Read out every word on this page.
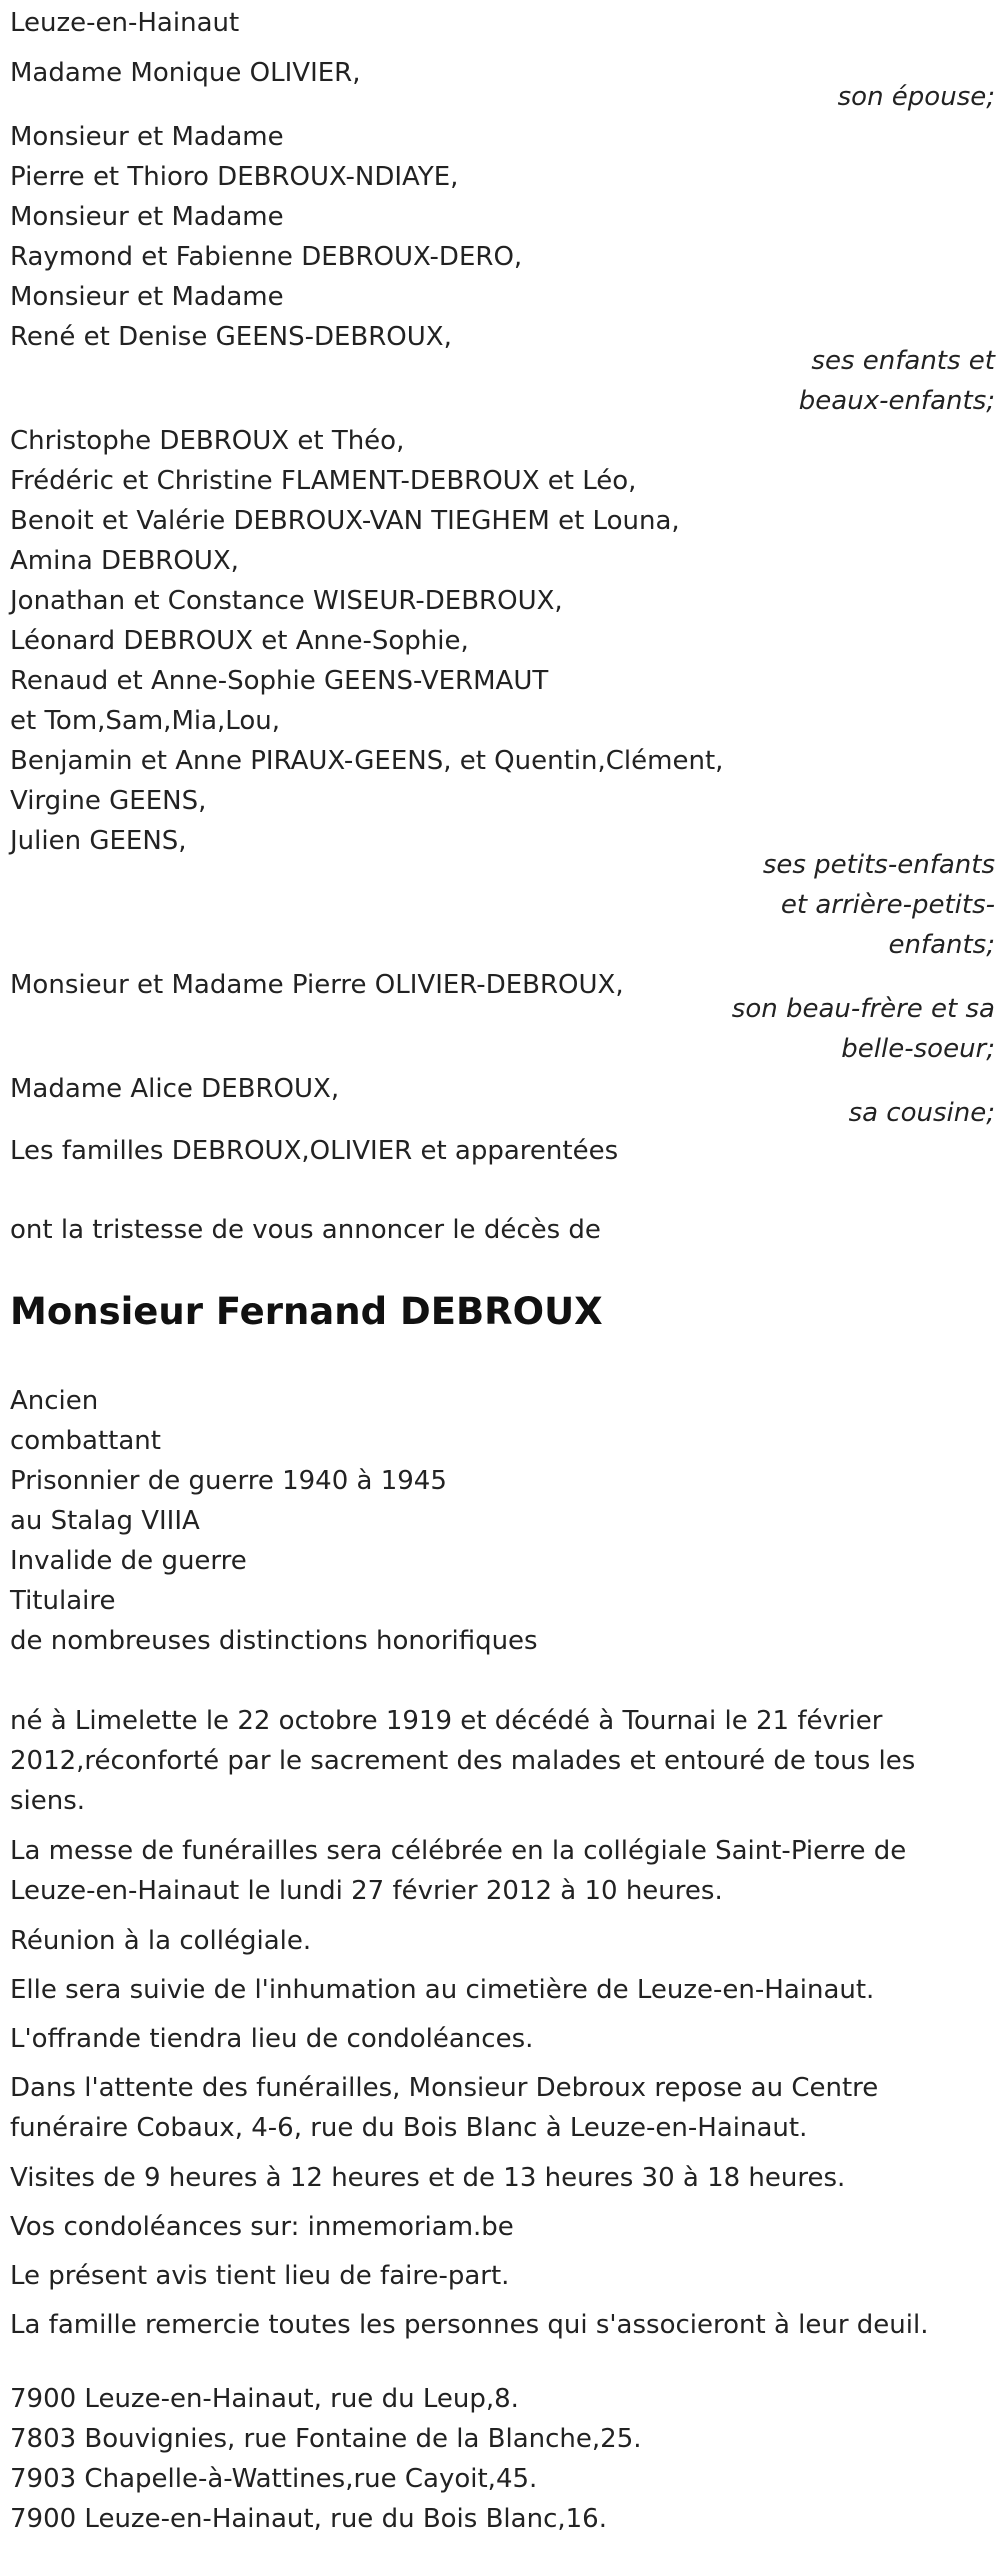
Leuze-en-Hainaut
Madame Monique OLIVIER,
son épouse;
Monsieur et Madame
Pierre et Thioro DEBROUX-NDIAYE,
Monsieur et Madame
Raymond et Fabienne DEBROUX-DERO,
Monsieur et Madame
René et Denise GEENS-DEBROUX,
ses enfants et
beaux-enfants;
Christophe DEBROUX et Théo,
Frédéric et Christine FLAMENT-DEBROUX et Léo,
Benoit et Valérie DEBROUX-VAN TIEGHEM et Louna,
Amina DEBROUX,
Jonathan et Constance WISEUR-DEBROUX,
Léonard DEBROUX et Anne-Sophie,
Renaud et Anne-Sophie GEENS-VERMAUT
et Tom,Sam,Mia,Lou,
Benjamin et Anne PIRAUX-GEENS, et Quentin,Clément,
Virgine GEENS,
Julien GEENS,
ses petits-enfants
et arrière-petits-
enfants;
Monsieur et Madame Pierre OLIVIER-DEBROUX,
son beau-frère et sa
belle-soeur;
Madame Alice DEBROUX,
sa cousine;
Les familles DEBROUX,OLIVIER et apparentées
ont la tristesse de vous annoncer le décès de
Monsieur Fernand DEBROUX
Ancien
combattant
Prisonnier de guerre 1940 à 1945
au Stalag VIIIA
Invalide de guerre
Titulaire
de nombreuses distinctions honorifiques
né à Limelette le 22 octobre 1919 et décédé à Tournai le 21 février
2012,réconforté par le sacrement des malades et entouré de tous les
siens.
La messe de funérailles sera célébrée en la collégiale Saint-Pierre de
Leuze-en-Hainaut le lundi 27 février 2012 à 10 heures.
Réunion à la collégiale.
Elle sera suivie de l'inhumation au cimetière de Leuze-en-Hainaut.
L'offrande tiendra lieu de condoléances.
Dans l'attente des funérailles, Monsieur Debroux repose au Centre
funéraire Cobaux, 4-6, rue du Bois Blanc à Leuze-en-Hainaut.
Visites de 9 heures à 12 heures et de 13 heures 30 à 18 heures.
Vos condoléances sur: inmemoriam.be
Le présent avis tient lieu de faire-part.
La famille remercie toutes les personnes qui s'associeront à leur deuil.
7900 Leuze-en-Hainaut, rue du Leup,8.
7803 Bouvignies, rue Fontaine de la Blanche,25.
7903 Chapelle-à-Wattines,rue Cayoit,45.
7900 Leuze-en-Hainaut, rue du Bois Blanc,16.
